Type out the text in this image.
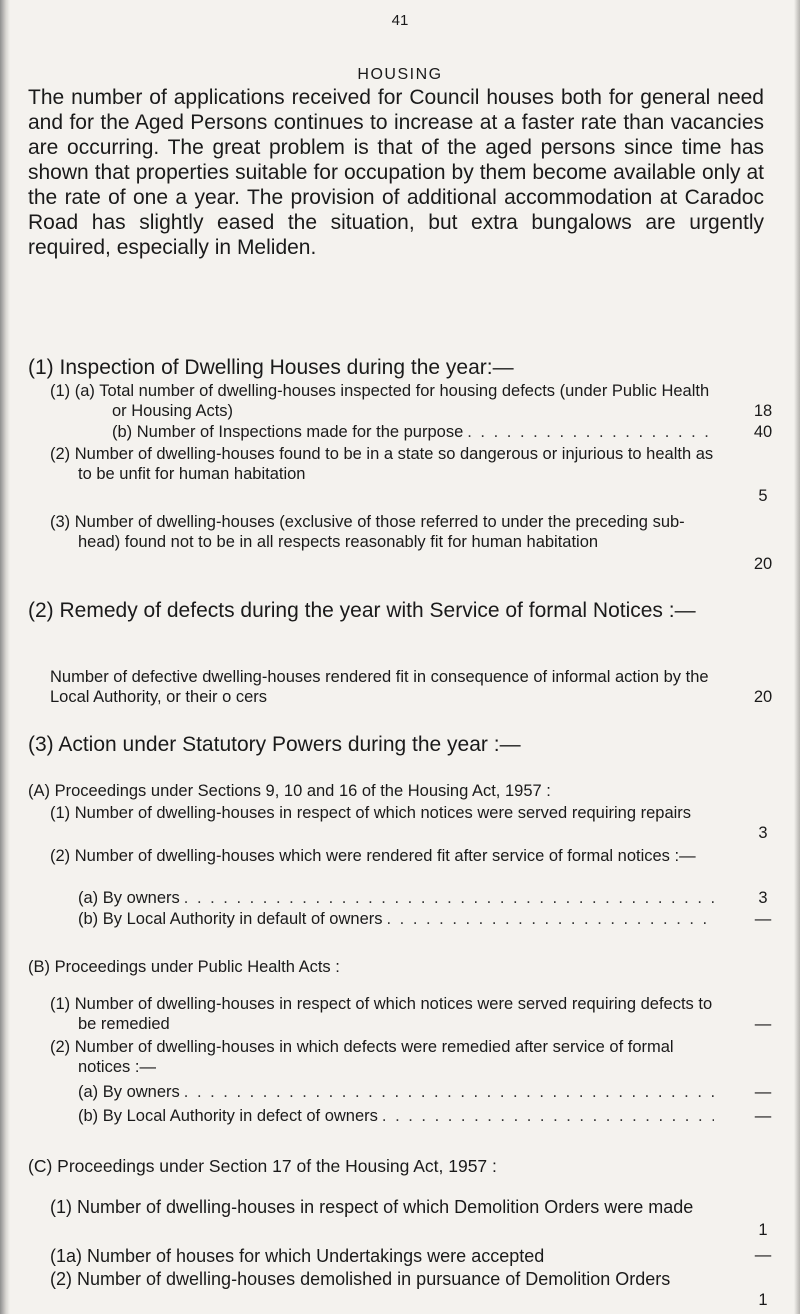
41
HOUSING

The number of applications received for Council houses both for general need and for the Aged Persons continues to increase at a faster rate than vacancies are occurring. The great problem is that of the aged persons since time has shown that properties suitable for occupation by them become available only at the rate of one a year. The provision of additional accommodation at Caradoc Road has slightly eased the situation, but extra bungalows are urgently required, especially in Meliden.

(1) Inspection of Dwelling Houses during the year:—

(1) (a) Total number of dwelling-houses inspected for housing defects (under Public Health or Housing Acts)	18
(b) Number of Inspections made for the purpose . . .	40
(2) Number of dwelling-houses found to be in a state so dangerous or injurious to health as to be unfit for human habitation
5
(3) Number of dwelling-houses (exclusive of those referred to under the preceding sub-head) found not to be in all respects reasonably fit for human habitation
20

(2) Remedy of defects during the year with Service of formal Notices :—

Number of defective dwelling-houses rendered fit in consequence of informal action by the Local Authority, or their o cers	20

(3) Action under Statutory Powers during the year :—

(A) Proceedings under Sections 9, 10 and 16 of the Housing Act, 1957 :
(1) Number of dwelling-houses in respect of which notices were served requiring repairs
3
(2) Number of dwelling-houses which were rendered fit after service of formal notices :—
(a) By owners . . .	3
(b) By Local Authority in default of owners . . .	—
(B) Proceedings under Public Health Acts :
(1) Number of dwelling-houses in respect of which notices were served requiring defects to be remedied	—
(2) Number of dwelling-houses in which defects were remedied after service of formal notices :—
(a) By owners . . .	—
(b) By Local Authority in defect of owners . . .	—
(C) Proceedings under Section 17 of the Housing Act, 1957 :
(1) Number of dwelling-houses in respect of which Demolition Orders were made
1
(1a) Number of houses for which Undertakings were accepted	—
(2) Number of dwelling-houses demolished in pursuance of Demolition Orders
1
